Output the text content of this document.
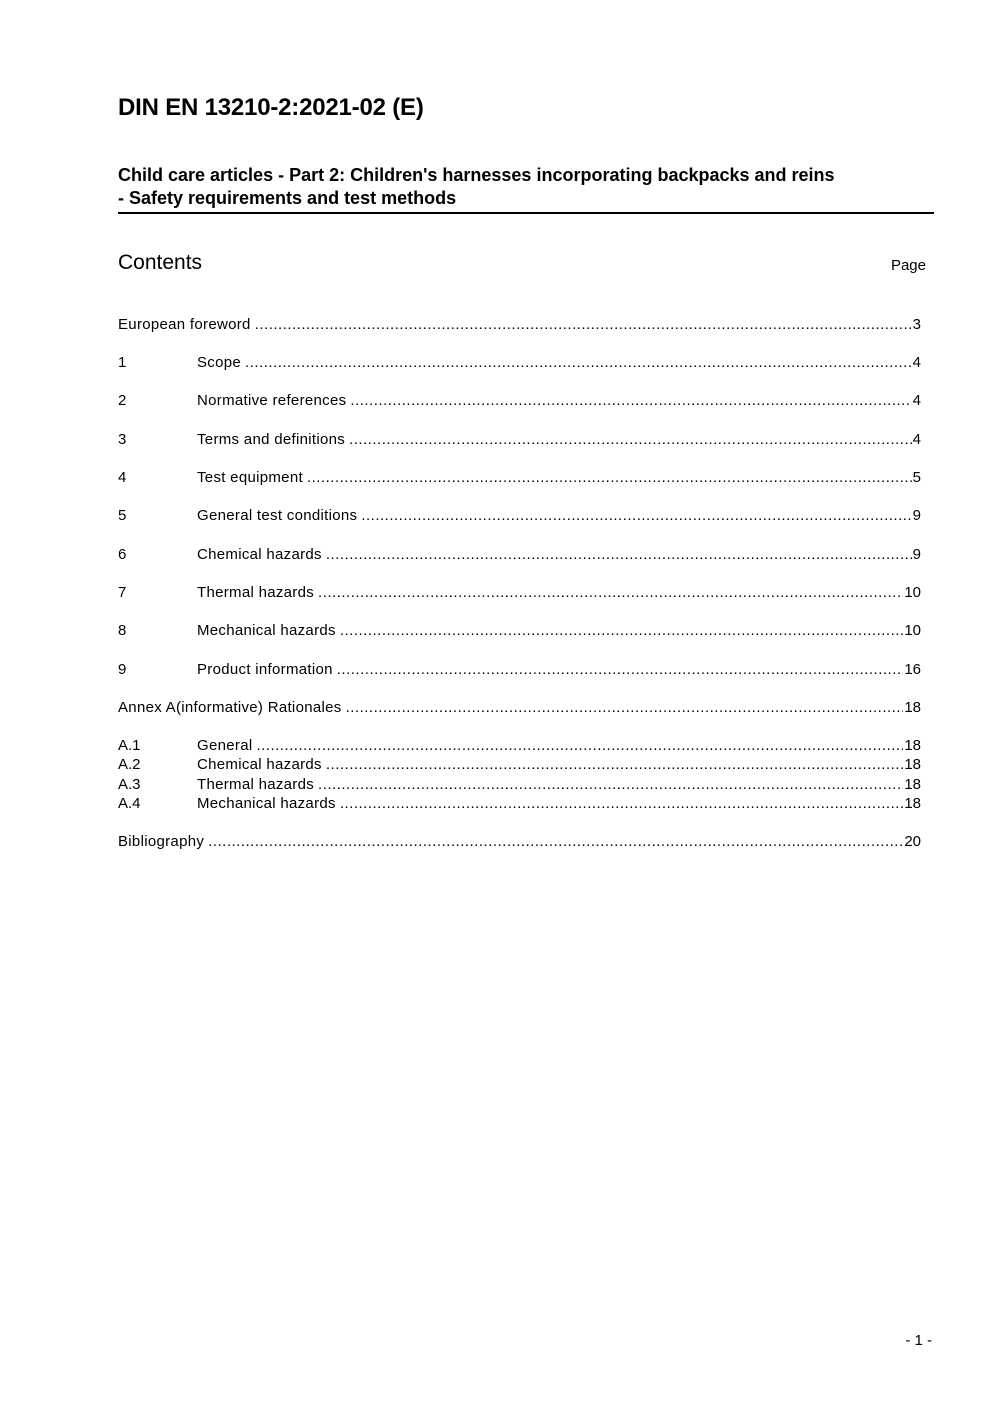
DIN EN 13210-2:2021-02 (E)
Child care articles - Part 2: Children's harnesses incorporating backpacks and reins
- Safety requirements and test methods
Contents	Page
European foreword .....	3
1	Scope .....	4
2	Normative references .....	4
3	Terms and definitions .....	4
4	Test equipment .....	5
5	General test conditions .....	9
6	Chemical hazards .....	9
7	Thermal hazards .....	10
8	Mechanical hazards .....	10
9	Product information .....	16
Annex A(informative) Rationales .....	18
A.1	General .....	18
A.2	Chemical hazards .....	18
A.3	Thermal hazards .....	18
A.4	Mechanical hazards .....	18
Bibliography .....	20
- 1 -
